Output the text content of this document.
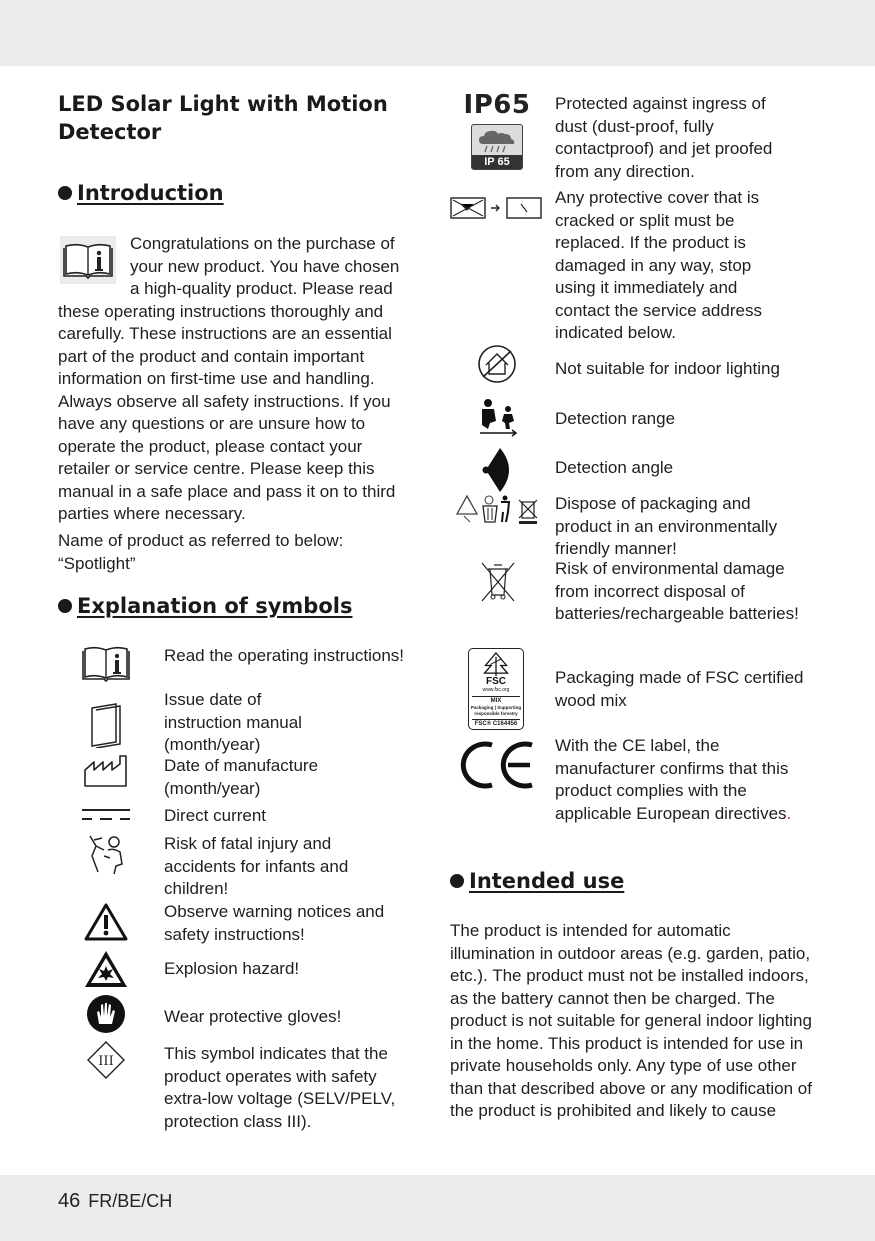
LED Solar Light with Motion Detector
Introduction
Congratulations on the purchase of
your new product. You have chosen
a high-quality product. Please read
these operating instructions thoroughly and carefully. These instructions are an essential part of the product and contain important information on first-time use and handling. Always observe all safety instructions. If you have any questions or are unsure how to operate the product, please contact your retailer or service centre. Please keep this manual in a safe place and pass it on to third parties where necessary.
Name of product as referred to below:
“Spotlight”
Explanation of symbols
III
Read the operating instructions!
Issue date of instruction manual (month/year)
Date of manufacture (month/year)
Direct current
Risk of fatal injury and accidents for infants and children!
Observe warning notices and safety instructions!
Explosion hazard!
Wear protective gloves!
This symbol indicates that the product operates with safety extra-low voltage (SELV/PELV, protection class III).
IP65
IP 65
Protected against ingress of dust (dust-proof, fully contactproof) and jet proofed from any direction.
Any protective cover that is cracked or split must be replaced. If the product is damaged in any way, stop using it immediately and contact the service address indicated below.
Not suitable for indoor lighting
Detection range
Detection angle
Dispose of packaging and product in an environmentally friendly manner!
Risk of environmental damage from incorrect disposal of batteries/rechargeable batteries!
FSC
www.fsc.org
MIX
Packaging | Supporting
responsible forestry
FSC® C164456
Packaging made of FSC certified wood mix
With the CE label, the manufacturer confirms that this product complies with the applicable European directives.
Intended use
The product is intended for automatic illumination in outdoor areas (e.g. garden, patio, etc.). The product must not be installed indoors, as the battery cannot then be charged. The product is not suitable for general indoor lighting in the home. This product is intended for use in private households only. Any type of use other than that described above or any modification of the product is prohibited and likely to cause
46 FR/BE/CH
